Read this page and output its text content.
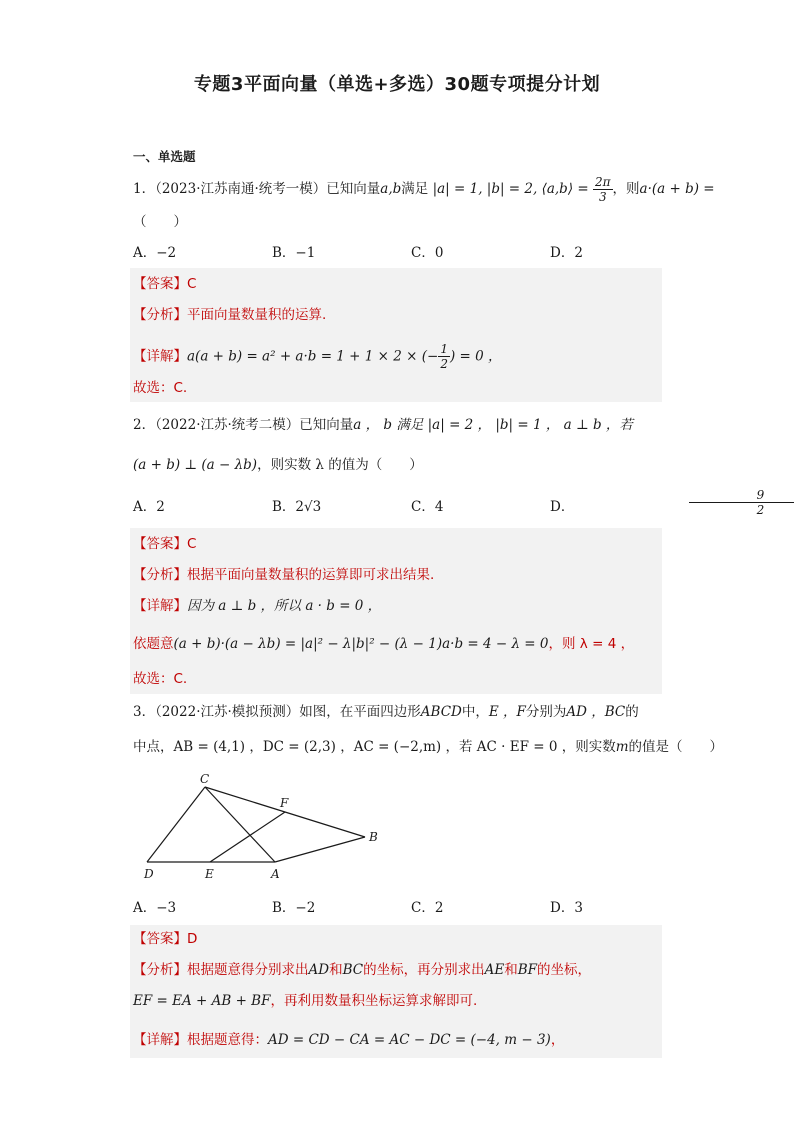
专题3平面向量（单选+多选）30题专项提分计划
一、单选题
1．（2023·江苏南通·统考一模）已知向量a,b满足 |a| = 1, |b| = 2, ⟨a,b⟩ = $\frac{2\pi}{3}$ ，则a·(a + b) =
（　　）
A．−2	B．−1	C．0	D．2
【答案】C
【分析】平面向量数量积的运算.
【详解】a(a + b) = a² + a·b = 1 + 1 × 2 × (− $\frac{1}{2}$ ) = 0 ，
故选：C.
2．（2022·江苏·统考二模）已知向量a ， b 满足 |a| = 2 ， |b| = 1 ， a ⊥ b ，若
(a + b) ⊥ (a − λb)，则实数 λ 的值为（　　）
A．2	B．2√3	C．4	D．	$\frac{9}{2}$
【答案】C
【分析】根据平面向量数量积的运算即可求出结果.
【详解】因为 a ⊥ b ，所以 a · b = 0 ，
依题意(a + b)·(a − λb) = |a|² − λ|b|² − (λ − 1)a·b = 4 − λ = 0，则 λ = 4 ，
故选：C.
3．（2022·江苏·模拟预测）如图，在平面四边形ABCD中，E ，F分别为AD ，BC的
中点，AB = (4,1) ，DC = (2,3) ，AC = (−2,m) ，若 AC · EF = 0 ，则实数m的值是（　　）
C
F
B
D	E	A
A．−3	B．−2	C．2	D．3
【答案】D
【分析】根据题意得分别求出AD和BC的坐标，再分别求出AE和BF的坐标，
EF = EA + AB + BF，再利用数量积坐标运算求解即可.
【详解】根据题意得：AD = CD − CA = AC − DC = (−4, m − 3)，
